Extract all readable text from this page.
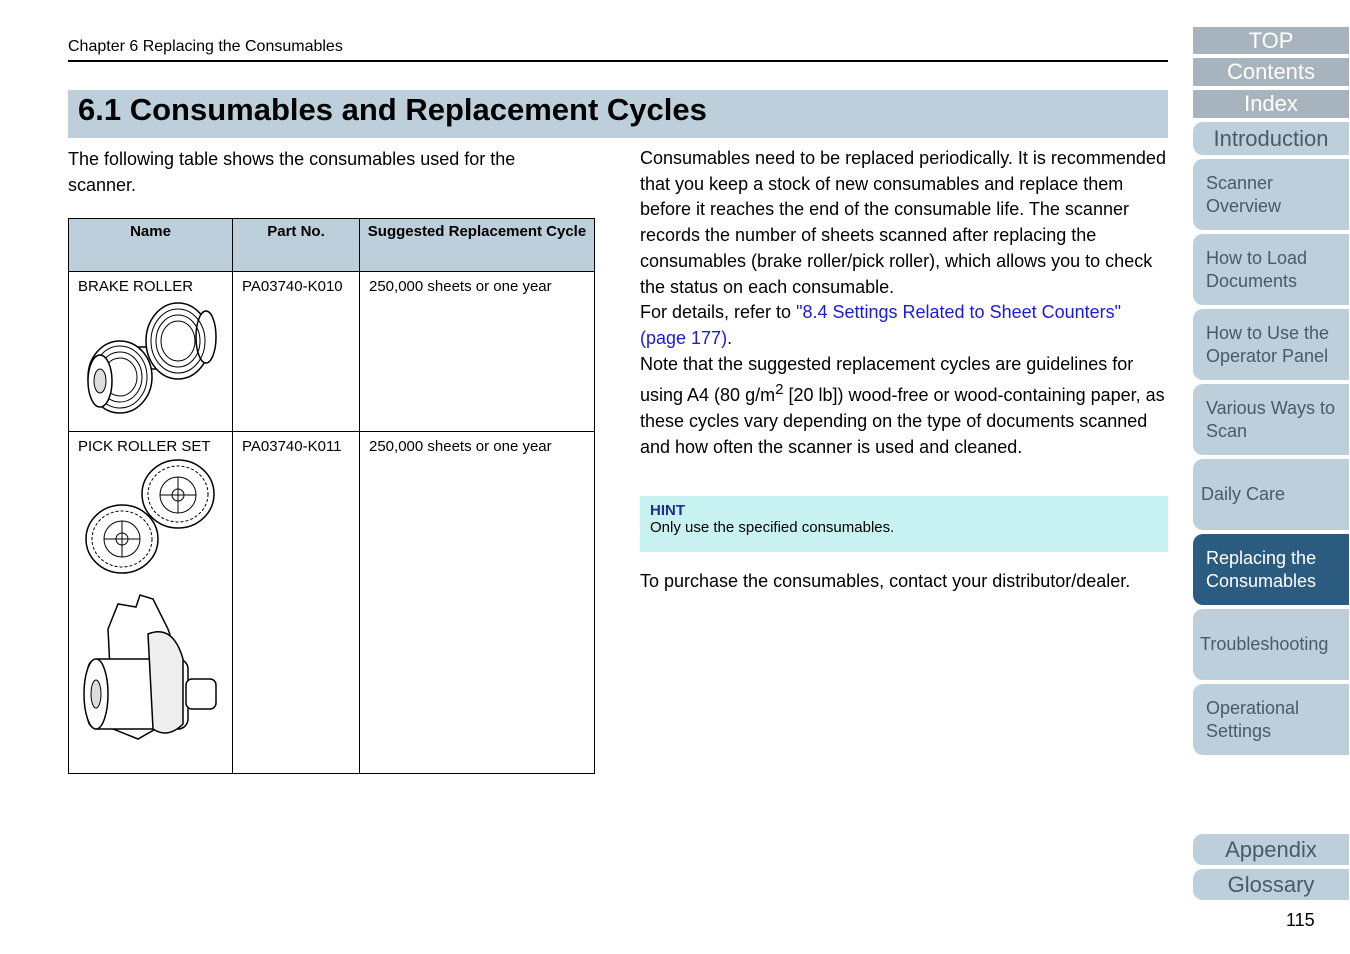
Chapter 6 Replacing the Consumables
6.1 Consumables and Replacement Cycles
The following table shows the consumables used for the scanner.
Name	Part No.	Suggested Replacement Cycle
BRAKE ROLLER	PA03740-K010	250,000 sheets or one year
PICK ROLLER SET	PA03740-K011	250,000 sheets or one year

Consumables need to be replaced periodically. It is recommended that you keep a stock of new consumables and replace them before it reaches the end of the consumable life. The scanner records the number of sheets scanned after replacing the consumables (brake roller/pick roller), which allows you to check the status on each consumable.

For details, refer to "8.4 Settings Related to Sheet Counters" (page 177).

Note that the suggested replacement cycles are guidelines for using A4 (80 $g/m^2$ [20 lb]) wood-free or wood-containing paper, as these cycles vary depending on the type of documents scanned and how often the scanner is used and cleaned.

HINT
Only use the specified consumables.
To purchase the consumables, contact your distributor/dealer.
TOP
Contents
Index
Introduction
Scanner Overview
How to Load Documents
How to Use the Operator Panel
Various Ways to Scan
Daily Care
Replacing the Consumables
Troubleshooting
Operational Settings
Appendix
Glossary
115
